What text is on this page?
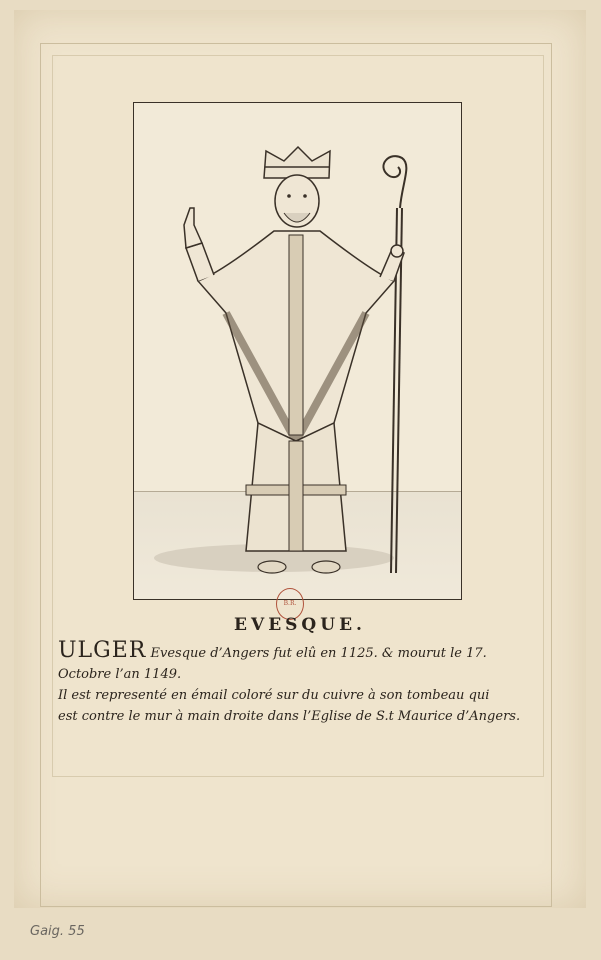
B.R.
EVESQUE.
ULGER Evesque d’Angers fut elû en 1125. & mourut le 17.
Octobre l’an 1149.
Il est representé en émail coloré sur du cuivre à son tombeau qui
est contre le mur à main droite dans l’Eglise de S.t Maurice d’Angers.
Gaig. 55
